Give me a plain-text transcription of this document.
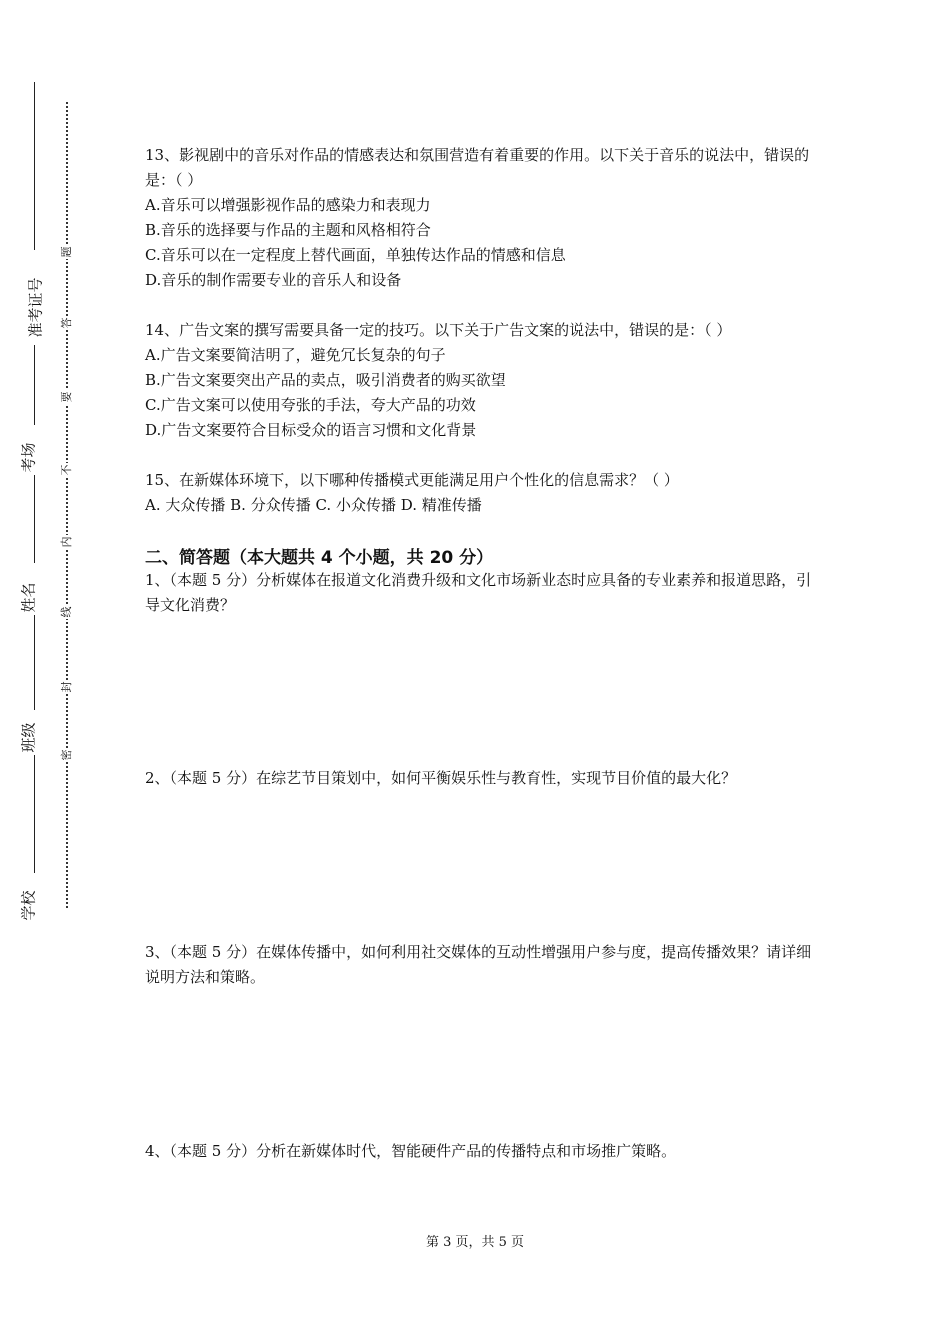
准考证号
考场
姓名
班级
学校
题
答
要
不
内
线
封
密

13、影视剧中的音乐对作品的情感表达和氛围营造有着重要的作用。以下关于音乐的说法中，错误的是：（ ）

A.音乐可以增强影视作品的感染力和表现力

B.音乐的选择要与作品的主题和风格相符合

C.音乐可以在一定程度上替代画面，单独传达作品的情感和信息

D.音乐的制作需要专业的音乐人和设备

14、广告文案的撰写需要具备一定的技巧。以下关于广告文案的说法中，错误的是：（ ）

A.广告文案要简洁明了，避免冗长复杂的句子

B.广告文案要突出产品的卖点，吸引消费者的购买欲望

C.广告文案可以使用夸张的手法，夸大产品的功效

D.广告文案要符合目标受众的语言习惯和文化背景

15、在新媒体环境下，以下哪种传播模式更能满足用户个性化的信息需求？（ ）

A. 大众传播 B. 分众传播 C. 小众传播 D. 精准传播

二、简答题（本大题共 4 个小题，共 20 分）

1、（本题 5 分）分析媒体在报道文化消费升级和文化市场新业态时应具备的专业素养和报道思路，引导文化消费？

2、（本题 5 分）在综艺节目策划中，如何平衡娱乐性与教育性，实现节目价值的最大化？

3、（本题 5 分）在媒体传播中，如何利用社交媒体的互动性增强用户参与度，提高传播效果？请详细说明方法和策略。

4、（本题 5 分）分析在新媒体时代，智能硬件产品的传播特点和市场推广策略。

第 3 页，共 5 页
